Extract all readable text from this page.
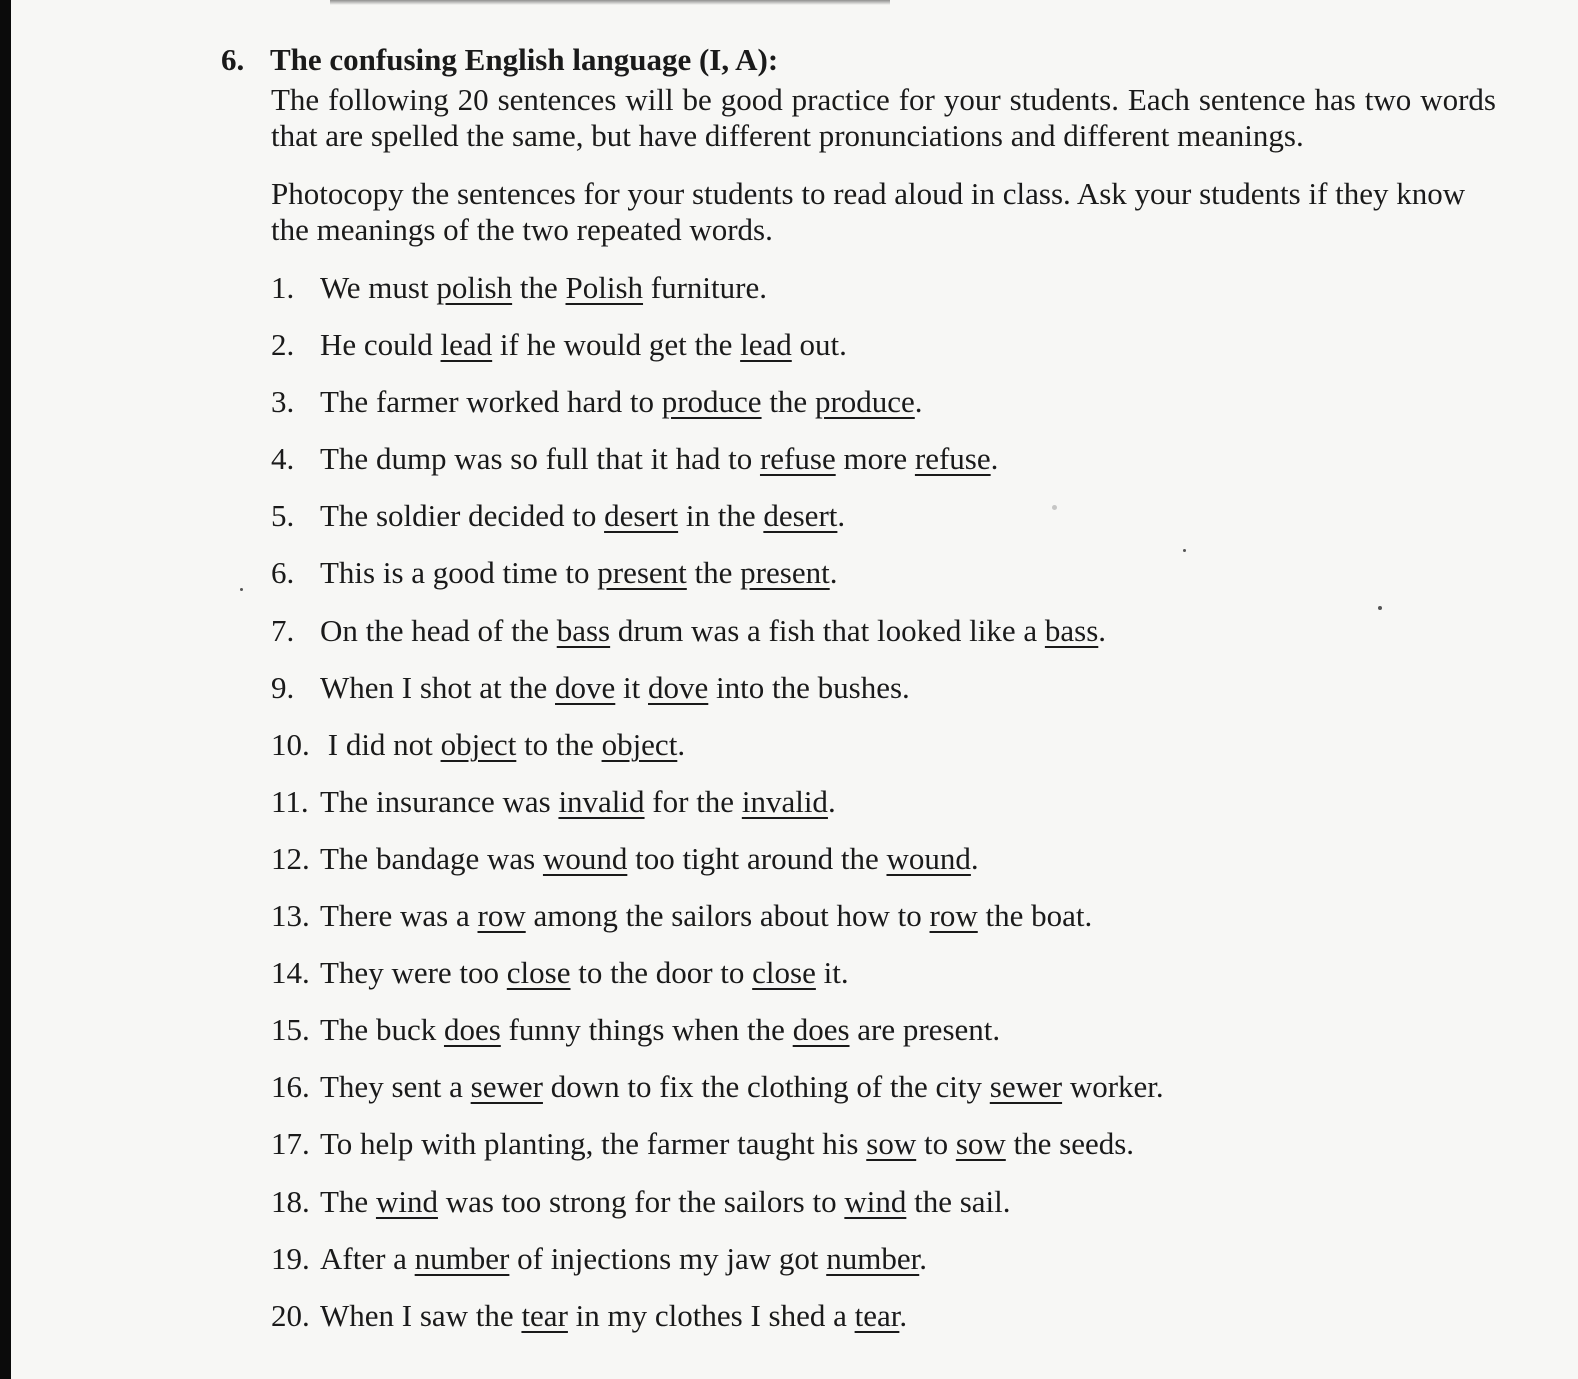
6. The confusing English language (I, A):
The following 20 sentences will be good practice for your students. Each sentence has two words that are spelled the same, but have different pronunciations and different meanings.
Photocopy the sentences for your students to read aloud in class. Ask your students if they know the meanings of the two repeated words.
1. We must polish the Polish furniture.
2. He could lead if he would get the lead out.
3. The farmer worked hard to produce the produce.
4. The dump was so full that it had to refuse more refuse.
5. The soldier decided to desert in the desert.
6. This is a good time to present the present.
7. On the head of the bass drum was a fish that looked like a bass.
9. When I shot at the dove it dove into the bushes.
10. I did not object to the object.
11. The insurance was invalid for the invalid.
12. The bandage was wound too tight around the wound.
13. There was a row among the sailors about how to row the boat.
14. They were too close to the door to close it.
15. The buck does funny things when the does are present.
16. They sent a sewer down to fix the clothing of the city sewer worker.
17. To help with planting, the farmer taught his sow to sow the seeds.
18. The wind was too strong for the sailors to wind the sail.
19. After a number of injections my jaw got number.
20. When I saw the tear in my clothes I shed a tear.
